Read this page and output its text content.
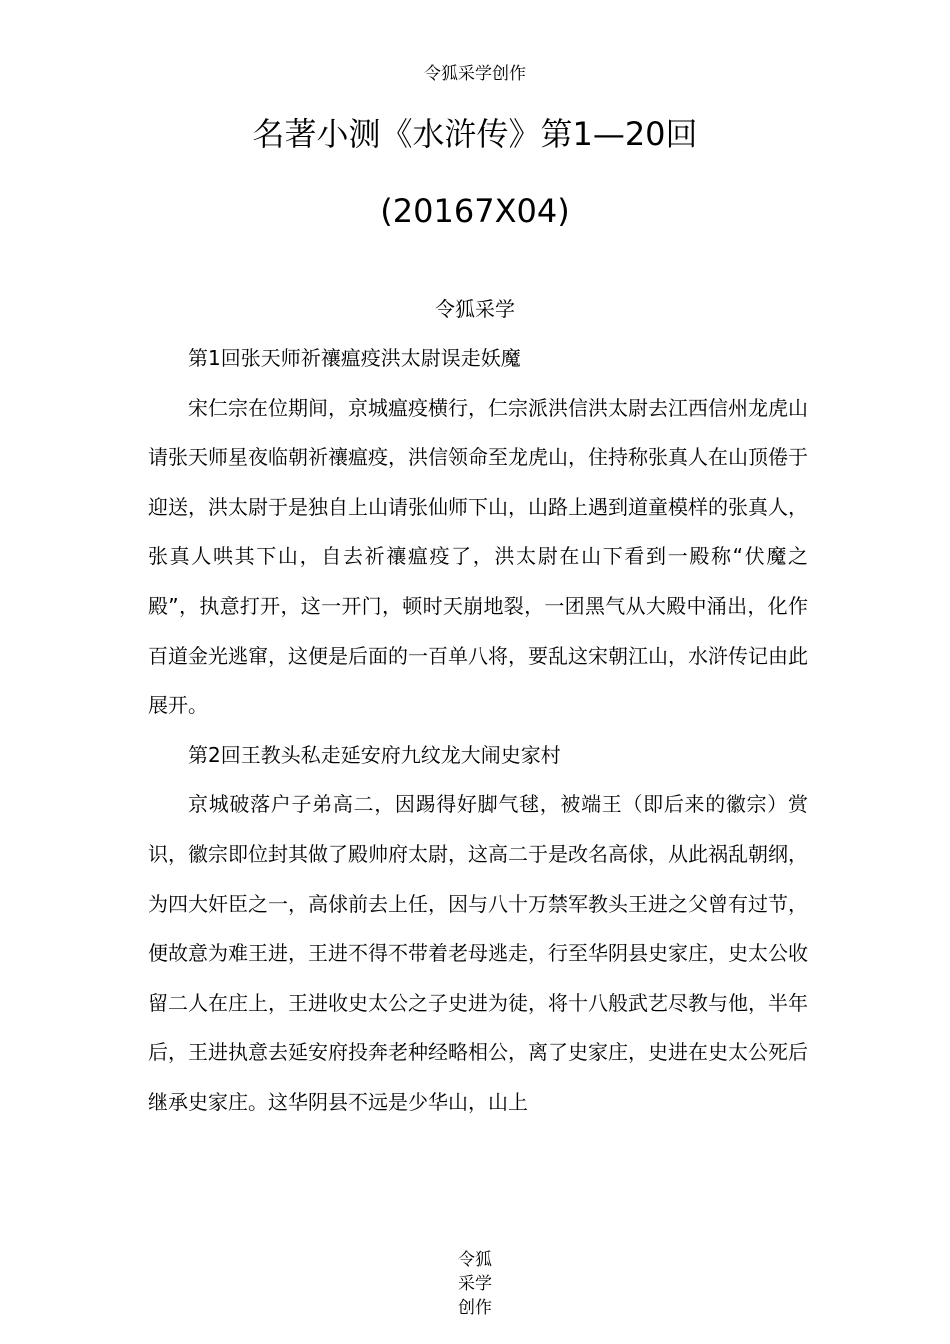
令狐采学创作
名著小测《水浒传》第1—20回
(20167X04)
令狐采学

第1回张天师祈禳瘟疫洪太尉误走妖魔

宋仁宗在位期间，京城瘟疫横行，仁宗派洪信洪太尉去江西信州龙虎山请张天师星夜临朝祈禳瘟疫，洪信领命至龙虎山，住持称张真人在山顶倦于迎送，洪太尉于是独自上山请张仙师下山，山路上遇到道童模样的张真人，张真人哄其下山，自去祈禳瘟疫了，洪太尉在山下看到一殿称“伏魔之殿”，执意打开，这一开门，顿时天崩地裂，一团黑气从大殿中涌出，化作百道金光逃窜，这便是后面的一百单八将，要乱这宋朝江山，水浒传记由此展开。

第2回王教头私走延安府九纹龙大闹史家村

京城破落户子弟高二，因踢得好脚气毬，被端王（即后来的徽宗）赏识，徽宗即位封其做了殿帅府太尉，这高二于是改名高俅，从此祸乱朝纲，为四大奸臣之一，高俅前去上任，因与八十万禁军教头王进之父曾有过节，便故意为难王进，王进不得不带着老母逃走，行至华阴县史家庄，史太公收留二人在庄上，王进收史太公之子史进为徒，将十八般武艺尽教与他，半年后，王进执意去延安府投奔老种经略相公，离了史家庄，史进在史太公死后继承史家庄。这华阴县不远是少华山，山上

令狐采学创作
